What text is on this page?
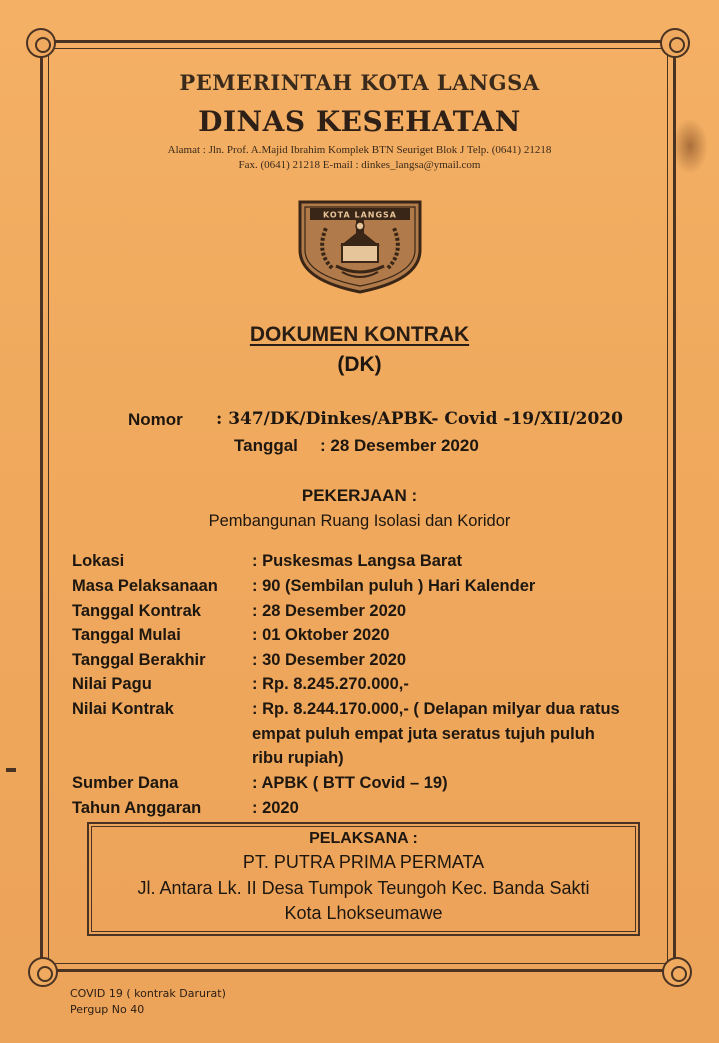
PEMERINTAH KOTA LANGSA
DINAS KESEHATAN
Alamat : Jln. Prof. A.Majid Ibrahim Komplek BTN Seuriget Blok J Telp. (0641) 21218
Fax. (0641) 21218 E-mail : dinkes_langsa@ymail.com
KOTA LANGSA
DOKUMEN KONTRAK
(DK)
Nomor : 347/DK/Dinkes/APBK- Covid -19/XII/2020
Tanggal : 28 Desember 2020
PEKERJAAN :
Pembangunan Ruang Isolasi dan Koridor
Lokasi	: Puskesmas Langsa Barat
Masa Pelaksanaan : 90 (Sembilan puluh ) Hari Kalender
Tanggal Kontrak	: 28 Desember 2020
Tanggal Mulai	: 01 Oktober 2020
Tanggal Berakhir	: 30 Desember 2020
Nilai Pagu	: Rp. 8.245.270.000,-
Nilai Kontrak	: Rp. 8.244.170.000,- ( Delapan milyar dua ratus
empat puluh empat juta seratus tujuh puluh
ribu rupiah)
Sumber Dana	: APBK ( BTT Covid – 19)
Tahun Anggaran	: 2020
PELAKSANA :
PT. PUTRA PRIMA PERMATA
Jl. Antara Lk. II Desa Tumpok Teungoh Kec. Banda Sakti
Kota Lhokseumawe
COVID 19 ( kontrak Darurat)
Pergup No 40
